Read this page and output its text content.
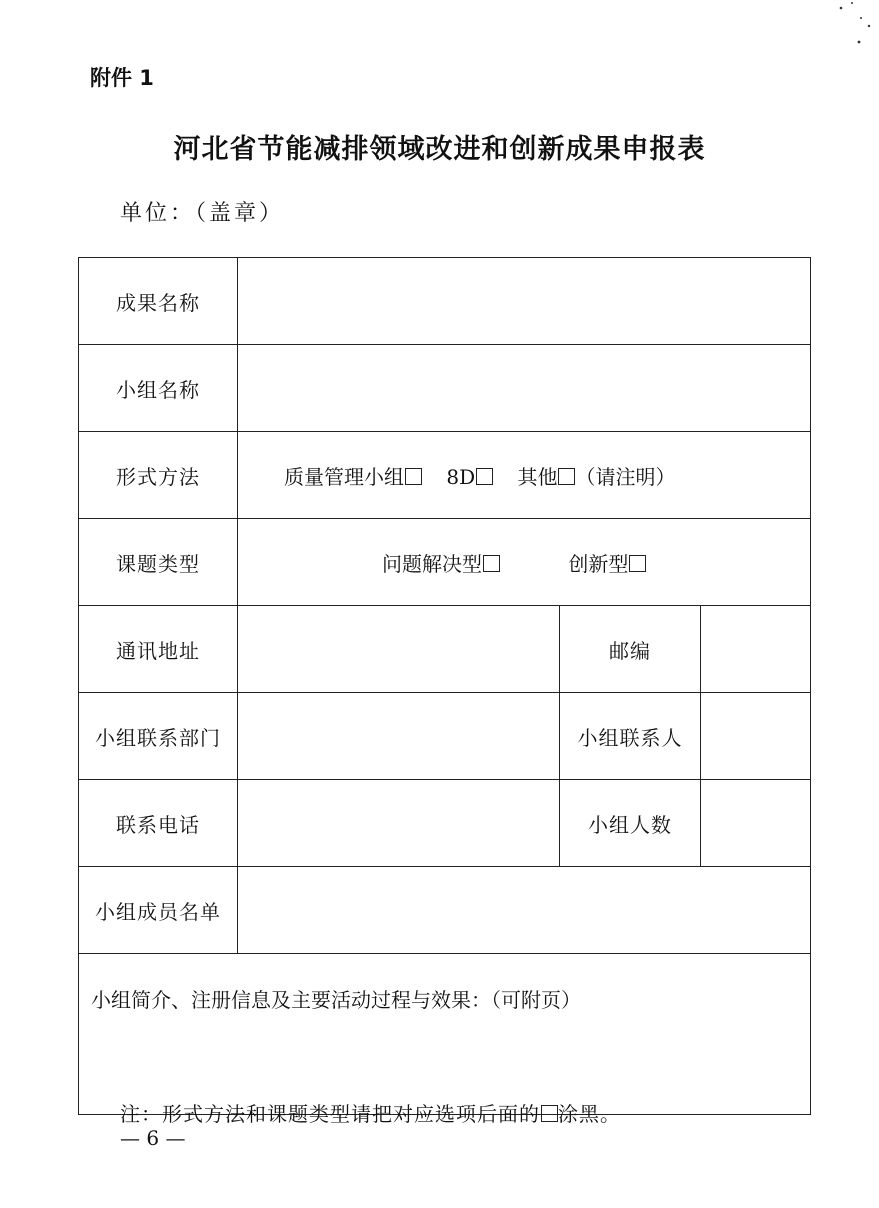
附件 1
河北省节能减排领域改进和创新成果申报表
单位：（盖章）
成果名称			
小组名称			
形式方法	质量管理小组 8D 其他 （请注明）		
课题类型	问题解决型 创新型		
通讯地址		邮编	
小组联系部门		小组联系人	
联系电话		小组人数	
小组成员名单			
小组简介、注册信息及主要活动过程与效果：（可附页）			
注：形式方法和课题类型请把对应选项后面的 涂黑。
— 6 —
